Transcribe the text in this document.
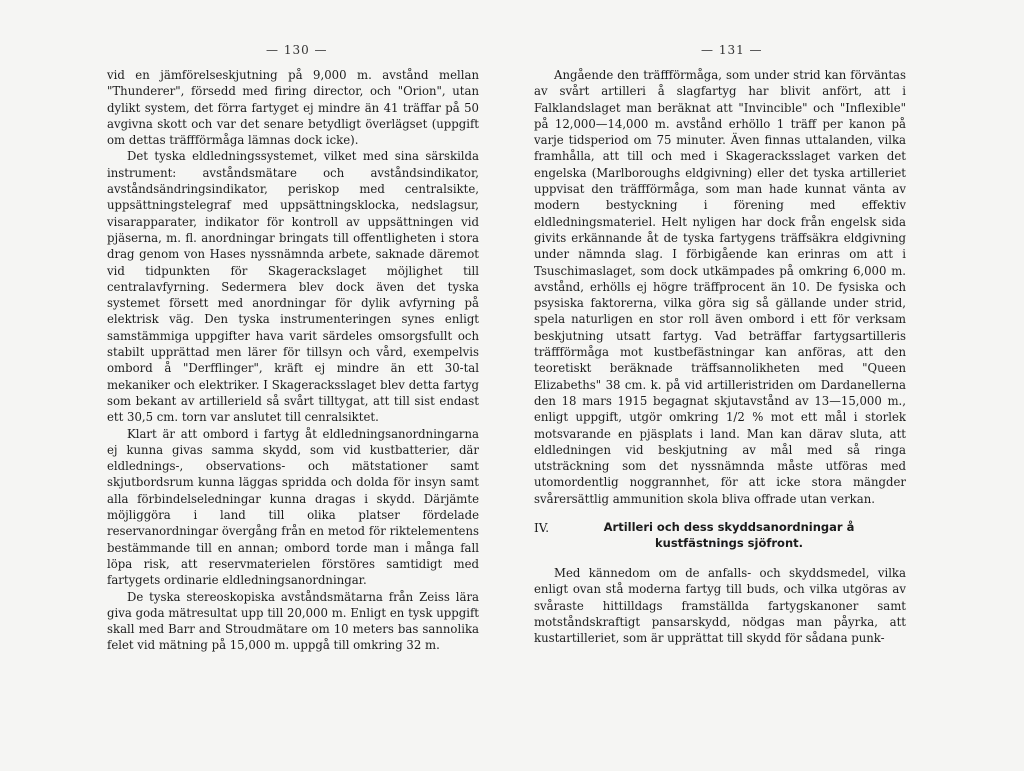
— 130 —	— 131 —

vid en jämförelseskjutning på 9,000 m. avstånd mellan "Thunderer", försedd med firing director, och "Orion", utan dylikt system, det förra fartyget ej mindre än 41 träffar på 50 avgivna skott och var det senare betydligt överlägset (uppgift om dettas träffförmåga lämnas dock icke).

Det tyska eldledningssystemet, vilket med sina särskilda instrument: avståndsmätare och avståndsindikator, avståndsändringsindikator, periskop med centralsikte, uppsättningstelegraf med uppsättningsklocka, nedslagsur, visarapparater, indikator för kontroll av uppsättningen vid pjäserna, m. fl. anordningar bringats till offentligheten i stora drag genom von Hases nyssnämnda arbete, saknade däremot vid tidpunkten för Skagerackslaget möjlighet till centralavfyrning. Sedermera blev dock även det tyska systemet försett med anordningar för dylik avfyrning på elektrisk väg. Den tyska instrumenteringen synes enligt samstämmiga uppgifter hava varit särdeles omsorgsfullt och stabilt upprättad men lärer för tillsyn och vård, exempelvis ombord å "Derfflinger", kräft ej mindre än ett 30-tal mekaniker och elektriker. I Skageracksslaget blev detta fartyg som bekant av artillerield så svårt tilltygat, att till sist endast ett 30,5 cm. torn var anslutet till cenralsiktet.

Klart är att ombord i fartyg åt eldledningsanordningarna ej kunna givas samma skydd, som vid kustbatterier, där eldlednings-, observations- och mätstationer samt skjutbordsrum kunna läggas spridda och dolda för insyn samt alla förbindelseledningar kunna dragas i skydd. Därjämte möjliggöra i land till olika platser fördelade reservanordningar övergång från en metod för riktelementens bestämmande till en annan; ombord torde man i många fall löpa risk, att reservmaterielen förstöres samtidigt med fartygets ordinarie eldledningsanordningar.

De tyska stereoskopiska avståndsmätarna från Zeiss lära giva goda mätresultat upp till 20,000 m. Enligt en tysk uppgift skall med Barr and Stroudmätare om 10 meters bas sannolika felet vid mätning på 15,000 m. uppgå till omkring 32 m.

Angående den träffförmåga, som under strid kan förväntas av svårt artilleri å slagfartyg har blivit anfört, att i Falklandslaget man beräknat att "Invincible" och "Inflexible" på 12,000—14,000 m. avstånd erhöllo 1 träff per kanon på varje tidsperiod om 75 minuter. Även finnas uttalanden, vilka framhålla, att till och med i Skageracksslaget varken det engelska (Marlboroughs eldgivning) eller det tyska artilleriet uppvisat den träffförmåga, som man hade kunnat vänta av modern bestyckning i förening med effektiv eldledningsmateriel. Helt nyligen har dock från engelsk sida givits erkännande åt de tyska fartygens träffsäkra eldgivning under nämnda slag. I förbigående kan erinras om att i Tsuschimaslaget, som dock utkämpades på omkring 6,000 m. avstånd, erhölls ej högre träffprocent än 10. De fysiska och psysiska faktorerna, vilka göra sig så gällande under strid, spela naturligen en stor roll även ombord i ett för verksam beskjutning utsatt fartyg. Vad beträffar fartygsartilleris träffförmåga mot kustbefästningar kan anföras, att den teoretiskt beräknade träffsannolikheten med "Queen Elizabeths" 38 cm. k. på vid artilleristriden om Dardanellerna den 18 mars 1915 begagnat skjutavstånd av 13—15,000 m., enligt uppgift, utgör omkring 1/2 % mot ett mål i storlek motsvarande en pjäsplats i land. Man kan därav sluta, att eldledningen vid beskjutning av mål med så ringa utsträckning som det nyssnämnda måste utföras med utomordentlig noggrannhet, för att icke stora mängder svårersättlig ammunition skola bliva offrade utan verkan.

IV.	Artilleri och dess skyddsanordningar å kustfästnings sjöfront.

Med kännedom om de anfalls- och skyddsmedel, vilka enligt ovan stå moderna fartyg till buds, och vilka utgöras av svåraste hittilldags framställda fartygskanoner samt motståndskraftigt pansarskydd, nödgas man påyrka, att kustartilleriet, som är upprättat till skydd för sådana punk-
